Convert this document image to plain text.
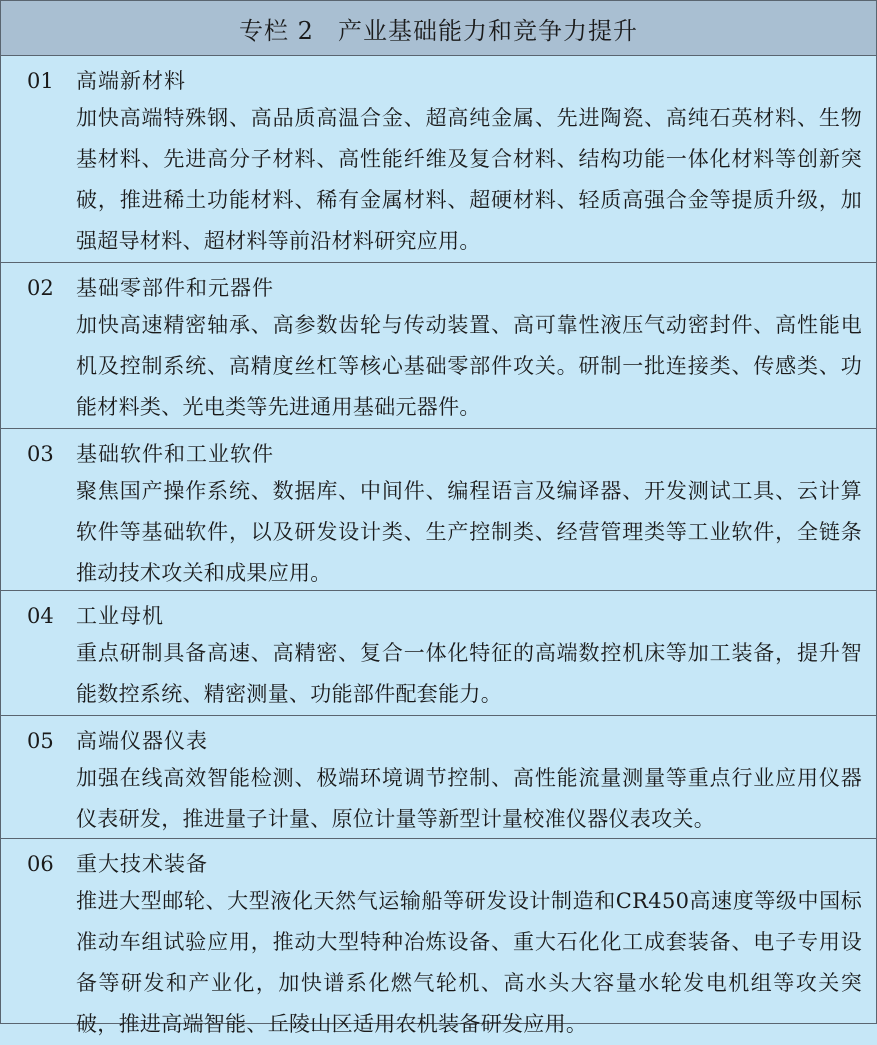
专栏 2 产业基础能力和竞争力提升
01	高端新材料
加快高端特殊钢、高品质高温合金、超高纯金属、先进陶瓷、高纯石英材料、生物基材料、先进高分子材料、高性能纤维及复合材料、结构功能一体化材料等创新突破，推进稀土功能材料、稀有金属材料、超硬材料、轻质高强合金等提质升级，加强超导材料、超材料等前沿材料研究应用。
02	基础零部件和元器件
加快高速精密轴承、高参数齿轮与传动装置、高可靠性液压气动密封件、高性能电机及控制系统、高精度丝杠等核心基础零部件攻关。研制一批连接类、传感类、功能材料类、光电类等先进通用基础元器件。
03	基础软件和工业软件
聚焦国产操作系统、数据库、中间件、编程语言及编译器、开发测试工具、云计算软件等基础软件，以及研发设计类、生产控制类、经营管理类等工业软件，全链条推动技术攻关和成果应用。
04	工业母机
重点研制具备高速、高精密、复合一体化特征的高端数控机床等加工装备，提升智能数控系统、精密测量、功能部件配套能力。
05	高端仪器仪表
加强在线高效智能检测、极端环境调节控制、高性能流量测量等重点行业应用仪器仪表研发，推进量子计量、原位计量等新型计量校准仪器仪表攻关。
06	重大技术装备
推进大型邮轮、大型液化天然气运输船等研发设计制造和CR450高速度等级中国标准动车组试验应用，推动大型特种冶炼设备、重大石化化工成套装备、电子专用设备等研发和产业化，加快谱系化燃气轮机、高水头大容量水轮发电机组等攻关突破，推进高端智能、丘陵山区适用农机装备研发应用。
